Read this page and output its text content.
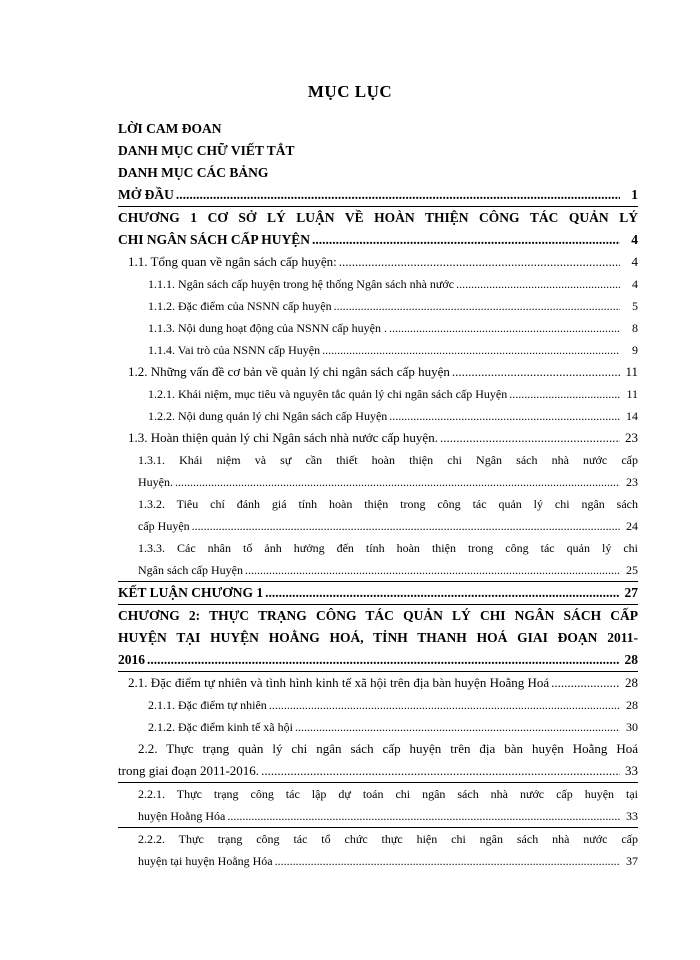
MỤC LỤC
LỜI CAM ĐOAN
DANH MỤC CHỮ VIẾT TẮT
DANH MỤC CÁC BẢNG
MỞ ĐẦU .....	1
CHƯƠNG 1 CƠ SỞ LÝ LUẬN VỀ HOÀN THIỆN CÔNG TÁC QUẢN LÝ
CHI NGÂN SÁCH CẤP HUYỆN .....	4
1.1. Tổng quan về ngân sách cấp huyện: .....	4
1.1.1. Ngân sách cấp huyện trong hệ thống Ngân sách nhà nước .....	4
1.1.2. Đặc điểm của NSNN cấp huyện .....	5
1.1.3. Nội dung hoạt động của NSNN cấp huyện . .....	8
1.1.4. Vai trò của NSNN cấp Huyện .....	9
1.2. Những vấn đề cơ bản về quản lý chi ngân sách cấp huyện .....	11
1.2.1. Khái niệm, mục tiêu và nguyên tắc quản lý chi ngân sách cấp Huyện .....	11
1.2.2. Nội dung quản lý chi Ngân sách cấp Huyện .....	14
1.3. Hoàn thiện quản lý chi Ngân sách nhà nước cấp huyện. .....	23
1.3.1. Khái niệm và sự cần thiết hoàn thiện chi Ngân sách nhà nước cấp
Huyện. .....	23
1.3.2. Tiêu chí đánh giá tính hoàn thiện trong công tác quản lý chi ngân sách
cấp Huyện .....	24
1.3.3. Các nhân tố ảnh hưởng đến tính hoàn thiện trong công tác quản lý chi
Ngân sách cấp Huyện .....	25
KẾT LUẬN CHƯƠNG 1 .....	27
CHƯƠNG 2: THỰC TRẠNG CÔNG TÁC QUẢN LÝ CHI NGÂN SÁCH CẤP
HUYỆN TẠI HUYỆN HOẰNG HOÁ, TỈNH THANH HOÁ GIAI ĐOẠN 2011-
2016 .....	28
2.1. Đặc điểm tự nhiên và tình hình kinh tế xã hội trên địa bàn huyện Hoằng Hoá .....	28
2.1.1. Đặc điểm tự nhiên .....	28
2.1.2. Đặc điểm kinh tế xã hội .....	30
2.2. Thực trạng quản lý chi ngân sách cấp huyện trên địa bàn huyện Hoằng Hoá
trong giai đoạn 2011-2016. .....	33
2.2.1. Thực trạng công tác lập dự toán chi ngân sách nhà nước cấp huyện tại
huyện Hoằng Hóa .....	33
2.2.2. Thực trạng công tác tổ chức thực hiện chi ngân sách nhà nước cấp
huyện tại huyện Hoằng Hóa .....	37
